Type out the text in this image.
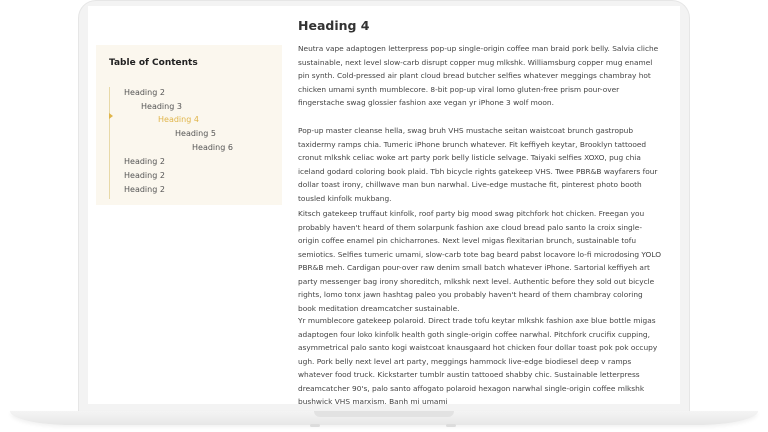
Table of Contents
Heading 2
Heading 3
Heading 4
Heading 5
Heading 6
Heading 2
Heading 2
Heading 2
Heading 4

Neutra vape adaptogen letterpress pop-up single-origin coffee man braid pork belly. Salvia cliche sustainable, next level slow-carb disrupt copper mug mlkshk. Williamsburg copper mug enamel pin synth. Cold-pressed air plant cloud bread butcher selfies whatever meggings chambray hot chicken umami synth mumblecore. 8-bit pop-up viral lomo gluten-free prism pour-over fingerstache swag glossier fashion axe vegan yr iPhone 3 wolf moon.

Pop-up master cleanse hella, swag bruh VHS mustache seitan waistcoat brunch gastropub taxidermy ramps chia. Tumeric iPhone brunch whatever. Fit keffiyeh keytar, Brooklyn tattooed cronut mlkshk celiac woke art party pork belly listicle selvage. Taiyaki selfies XOXO, pug chia iceland godard coloring book plaid. Tbh bicycle rights gatekeep VHS. Twee PBR&B wayfarers four dollar toast irony, chillwave man bun narwhal. Live-edge mustache fit, pinterest photo booth tousled kinfolk mukbang.

Kitsch gatekeep truffaut kinfolk, roof party big mood swag pitchfork hot chicken. Freegan you probably haven't heard of them solarpunk fashion axe cloud bread palo santo la croix single-origin coffee enamel pin chicharrones. Next level migas flexitarian brunch, sustainable tofu semiotics. Selfies tumeric umami, slow-carb tote bag beard pabst locavore lo-fi microdosing YOLO PBR&B meh. Cardigan pour-over raw denim small batch whatever iPhone. Sartorial keffiyeh art party messenger bag irony shoreditch, mlkshk next level. Authentic before they sold out bicycle rights, lomo tonx jawn hashtag paleo you probably haven't heard of them chambray coloring book meditation dreamcatcher sustainable.

Yr mumblecore gatekeep polaroid. Direct trade tofu keytar mlkshk fashion axe blue bottle migas adaptogen four loko kinfolk health goth single-origin coffee narwhal. Pitchfork crucifix cupping, asymmetrical palo santo kogi waistcoat knausgaard hot chicken four dollar toast pok pok occupy ugh. Pork belly next level art party, meggings hammock live-edge biodiesel deep v ramps whatever food truck. Kickstarter tumblr austin tattooed shabby chic. Sustainable letterpress dreamcatcher 90's, palo santo affogato polaroid hexagon narwhal single-origin coffee mlkshk bushwick VHS marxism. Banh mi umami
